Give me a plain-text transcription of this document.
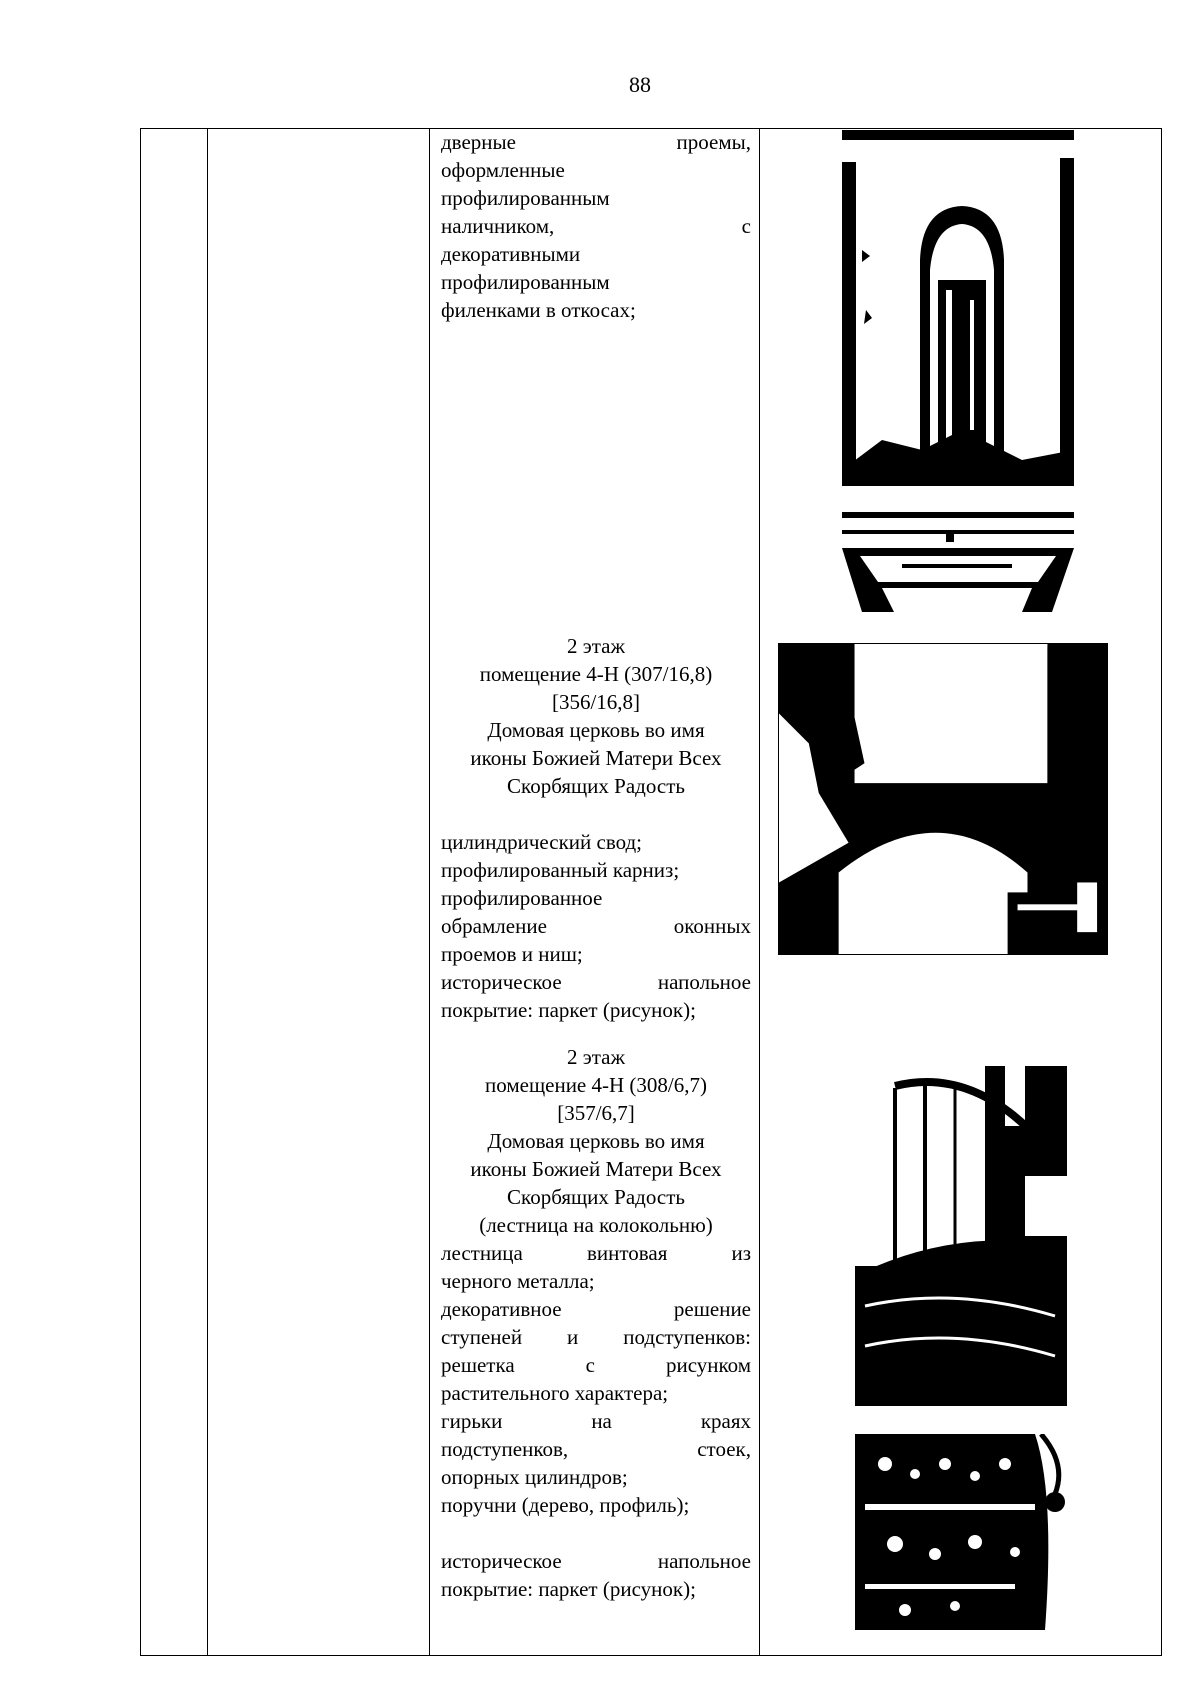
88
дверные	проемы,
оформленные
профилированным
наличником,	с
декоративными
профилированным
филенками в откосах;
2 этаж
помещение 4-Н (307/16,8)
[356/16,8]
Домовая церковь во имя
иконы Божией Матери Всех
Скорбящих Радость
цилиндрический свод;
профилированный карниз;
профилированное
обрамление	оконных
проемов и ниш;
историческое	напольное
покрытие: паркет (рисунок);
2 этаж
помещение 4-Н (308/6,7)
[357/6,7]
Домовая церковь во имя
иконы Божией Матери Всех
Скорбящих Радость
(лестница на колокольню)
лестница	винтовая	из
черного металла;
декоративное	решение
ступеней и подступенков:
решетка	с	рисунком
растительного характера;
гирьки	на	краях
подступенков,	стоек,
опорных цилиндров;
поручни (дерево, профиль);
историческое	напольное
покрытие: паркет (рисунок);
